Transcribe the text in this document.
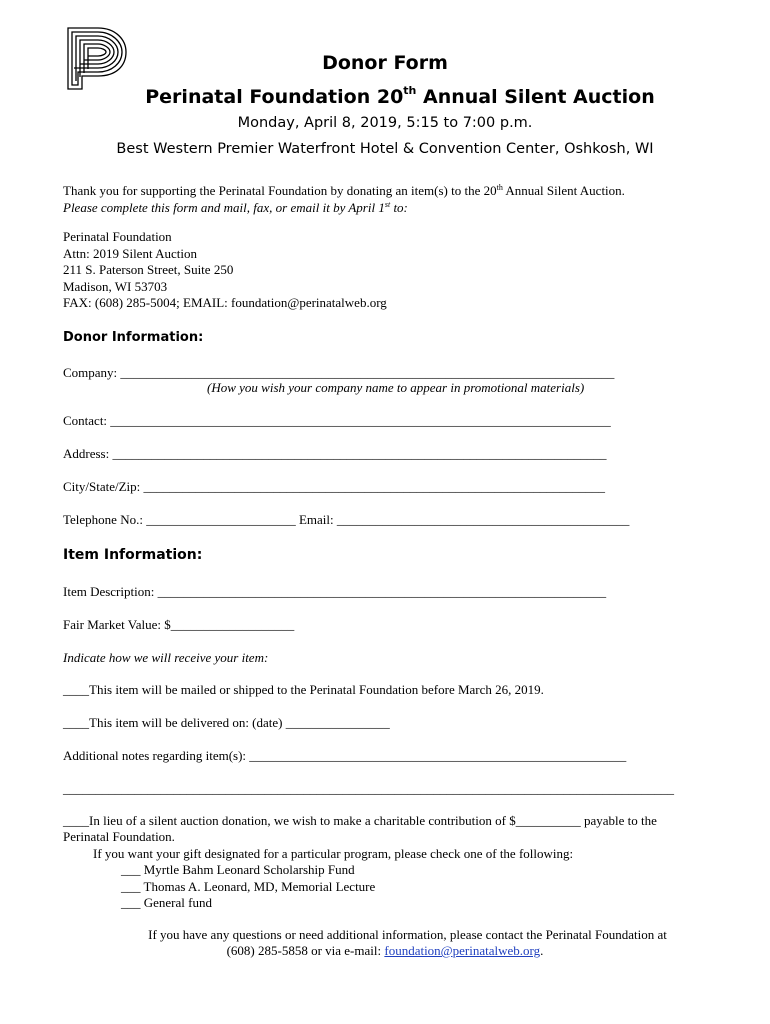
Donor Form
Perinatal Foundation 20th Annual Silent Auction
Monday, April 8, 2019, 5:15 to 7:00 p.m.
Best Western Premier Waterfront Hotel & Convention Center, Oshkosh, WI
Thank you for supporting the Perinatal Foundation by donating an item(s) to the 20th Annual Silent Auction.
Please complete this form and mail, fax, or email it by April 1st to:
Perinatal Foundation
Attn: 2019 Silent Auction
211 S. Paterson Street, Suite 250
Madison, WI 53703
FAX: (608) 285-5004; EMAIL: foundation@perinatalweb.org
Donor Information:
Company: ____________________________________________________________________________
(How you wish your company name to appear in promotional materials)
Contact: _____________________________________________________________________________
Address: ____________________________________________________________________________
City/State/Zip: _______________________________________________________________________
Telephone No.: _______________________ Email: _____________________________________________
Item Information:
Item Description: _____________________________________________________________________
Fair Market Value: $___________________
Indicate how we will receive your item:
____This item will be mailed or shipped to the Perinatal Foundation before March 26, 2019.
____This item will be delivered on: (date) ________________
Additional notes regarding item(s): __________________________________________________________
______________________________________________________________________________________________
____In lieu of a silent auction donation, we wish to make a charitable contribution of $__________ payable to the
Perinatal Foundation.
If you want your gift designated for a particular program, please check one of the following:
___ Myrtle Bahm Leonard Scholarship Fund
___ Thomas A. Leonard, MD, Memorial Lecture
___ General fund
If you have any questions or need additional information, please contact the Perinatal Foundation at
(608) 285-5858 or via e-mail: foundation@perinatalweb.org.
